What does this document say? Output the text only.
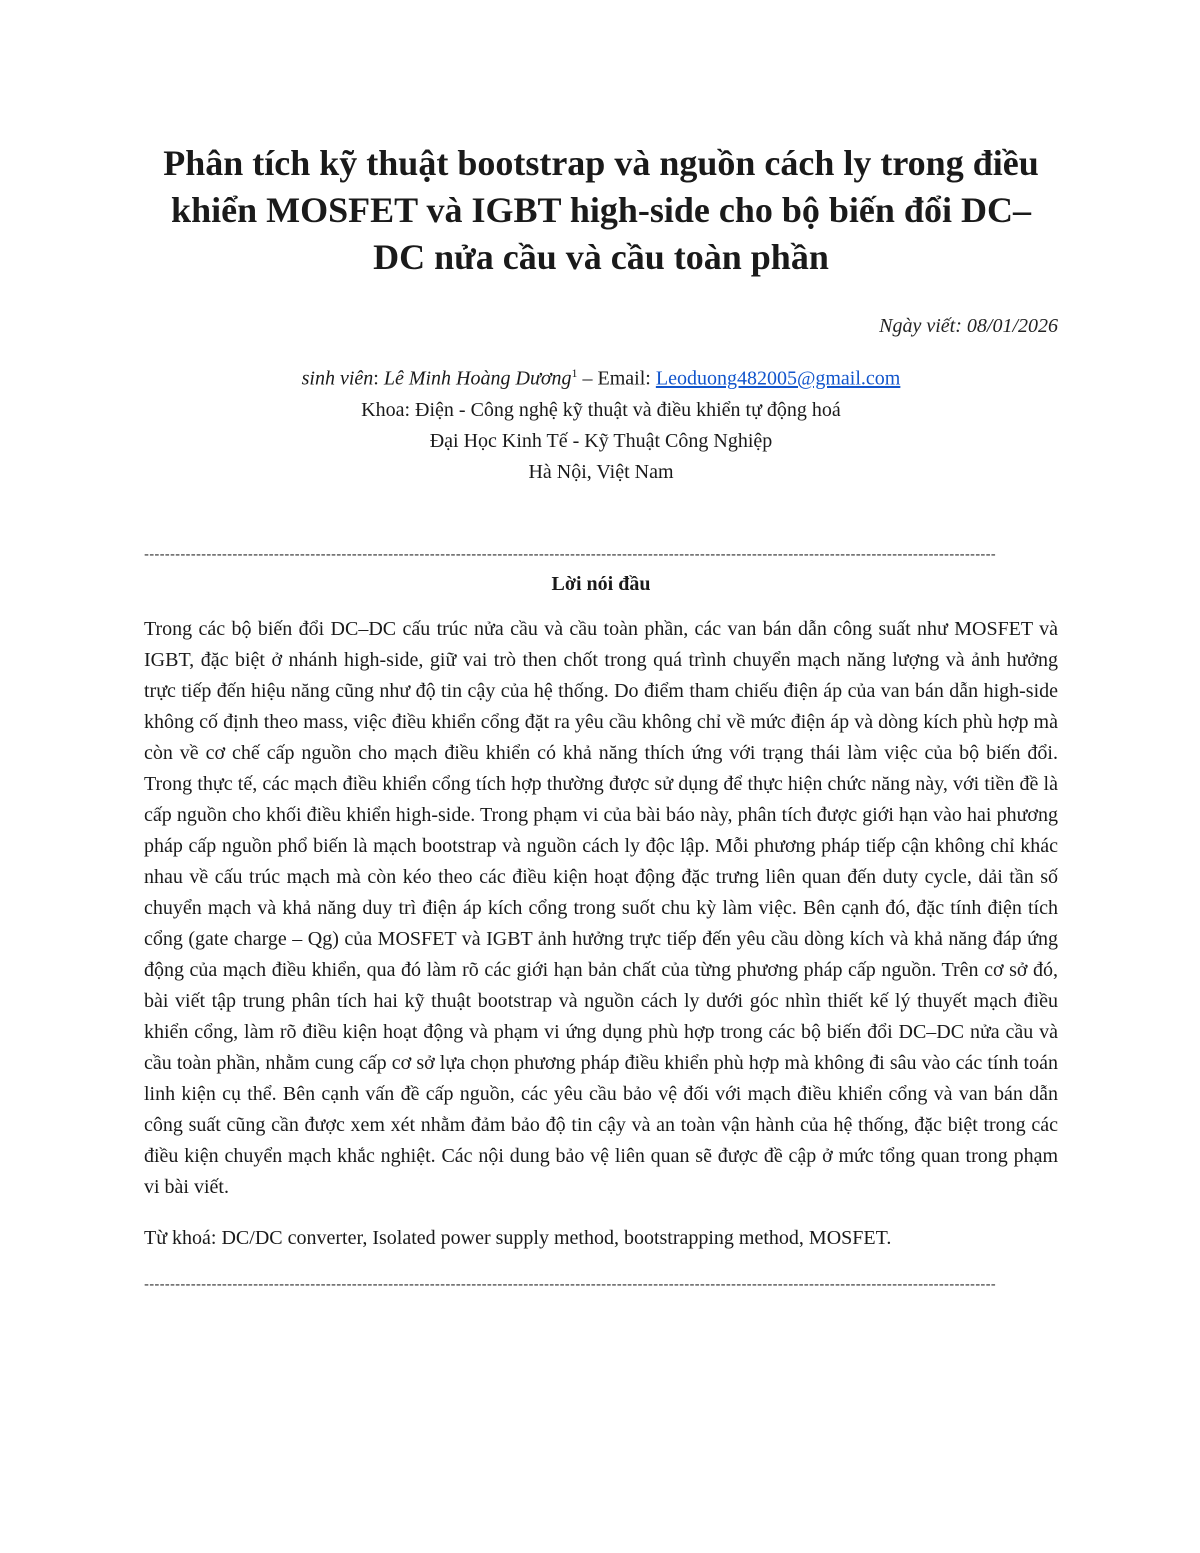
Phân tích kỹ thuật bootstrap và nguồn cách ly trong điều khiển MOSFET và IGBT high-side cho bộ biến đổi DC–DC nửa cầu và cầu toàn phần
Ngày viết: 08/01/2026
sinh viên: Lê Minh Hoàng Dương$^1$ – Email: Leoduong482005@gmail.com
Khoa: Điện - Công nghệ kỹ thuật và điều khiển tự động hoá
Đại Học Kinh Tế - Kỹ Thuật Công Nghiệp
Hà Nội, Việt Nam
--------------------------------------------------------------------------------------------------------------------------------------------------------------------
Lời nói đầu

Trong các bộ biến đổi DC–DC cấu trúc nửa cầu và cầu toàn phần, các van bán dẫn công suất như MOSFET và IGBT, đặc biệt ở nhánh high-side, giữ vai trò then chốt trong quá trình chuyển mạch năng lượng và ảnh hưởng trực tiếp đến hiệu năng cũng như độ tin cậy của hệ thống. Do điểm tham chiếu điện áp của van bán dẫn high-side không cố định theo mass, việc điều khiển cổng đặt ra yêu cầu không chỉ về mức điện áp và dòng kích phù hợp mà còn về cơ chế cấp nguồn cho mạch điều khiển có khả năng thích ứng với trạng thái làm việc của bộ biến đổi. Trong thực tế, các mạch điều khiển cổng tích hợp thường được sử dụng để thực hiện chức năng này, với tiền đề là cấp nguồn cho khối điều khiển high-side. Trong phạm vi của bài báo này, phân tích được giới hạn vào hai phương pháp cấp nguồn phổ biến là mạch bootstrap và nguồn cách ly độc lập. Mỗi phương pháp tiếp cận không chỉ khác nhau về cấu trúc mạch mà còn kéo theo các điều kiện hoạt động đặc trưng liên quan đến duty cycle, dải tần số chuyển mạch và khả năng duy trì điện áp kích cổng trong suốt chu kỳ làm việc. Bên cạnh đó, đặc tính điện tích cổng (gate charge – Qg) của MOSFET và IGBT ảnh hưởng trực tiếp đến yêu cầu dòng kích và khả năng đáp ứng động của mạch điều khiển, qua đó làm rõ các giới hạn bản chất của từng phương pháp cấp nguồn. Trên cơ sở đó, bài viết tập trung phân tích hai kỹ thuật bootstrap và nguồn cách ly dưới góc nhìn thiết kế lý thuyết mạch điều khiển cổng, làm rõ điều kiện hoạt động và phạm vi ứng dụng phù hợp trong các bộ biến đổi DC–DC nửa cầu và cầu toàn phần, nhằm cung cấp cơ sở lựa chọn phương pháp điều khiển phù hợp mà không đi sâu vào các tính toán linh kiện cụ thể. Bên cạnh vấn đề cấp nguồn, các yêu cầu bảo vệ đối với mạch điều khiển cổng và van bán dẫn công suất cũng cần được xem xét nhằm đảm bảo độ tin cậy và an toàn vận hành của hệ thống, đặc biệt trong các điều kiện chuyển mạch khắc nghiệt. Các nội dung bảo vệ liên quan sẽ được đề cập ở mức tổng quan trong phạm vi bài viết.

Từ khoá: DC/DC converter, Isolated power supply method, bootstrapping method, MOSFET.

--------------------------------------------------------------------------------------------------------------------------------------------------------------------
